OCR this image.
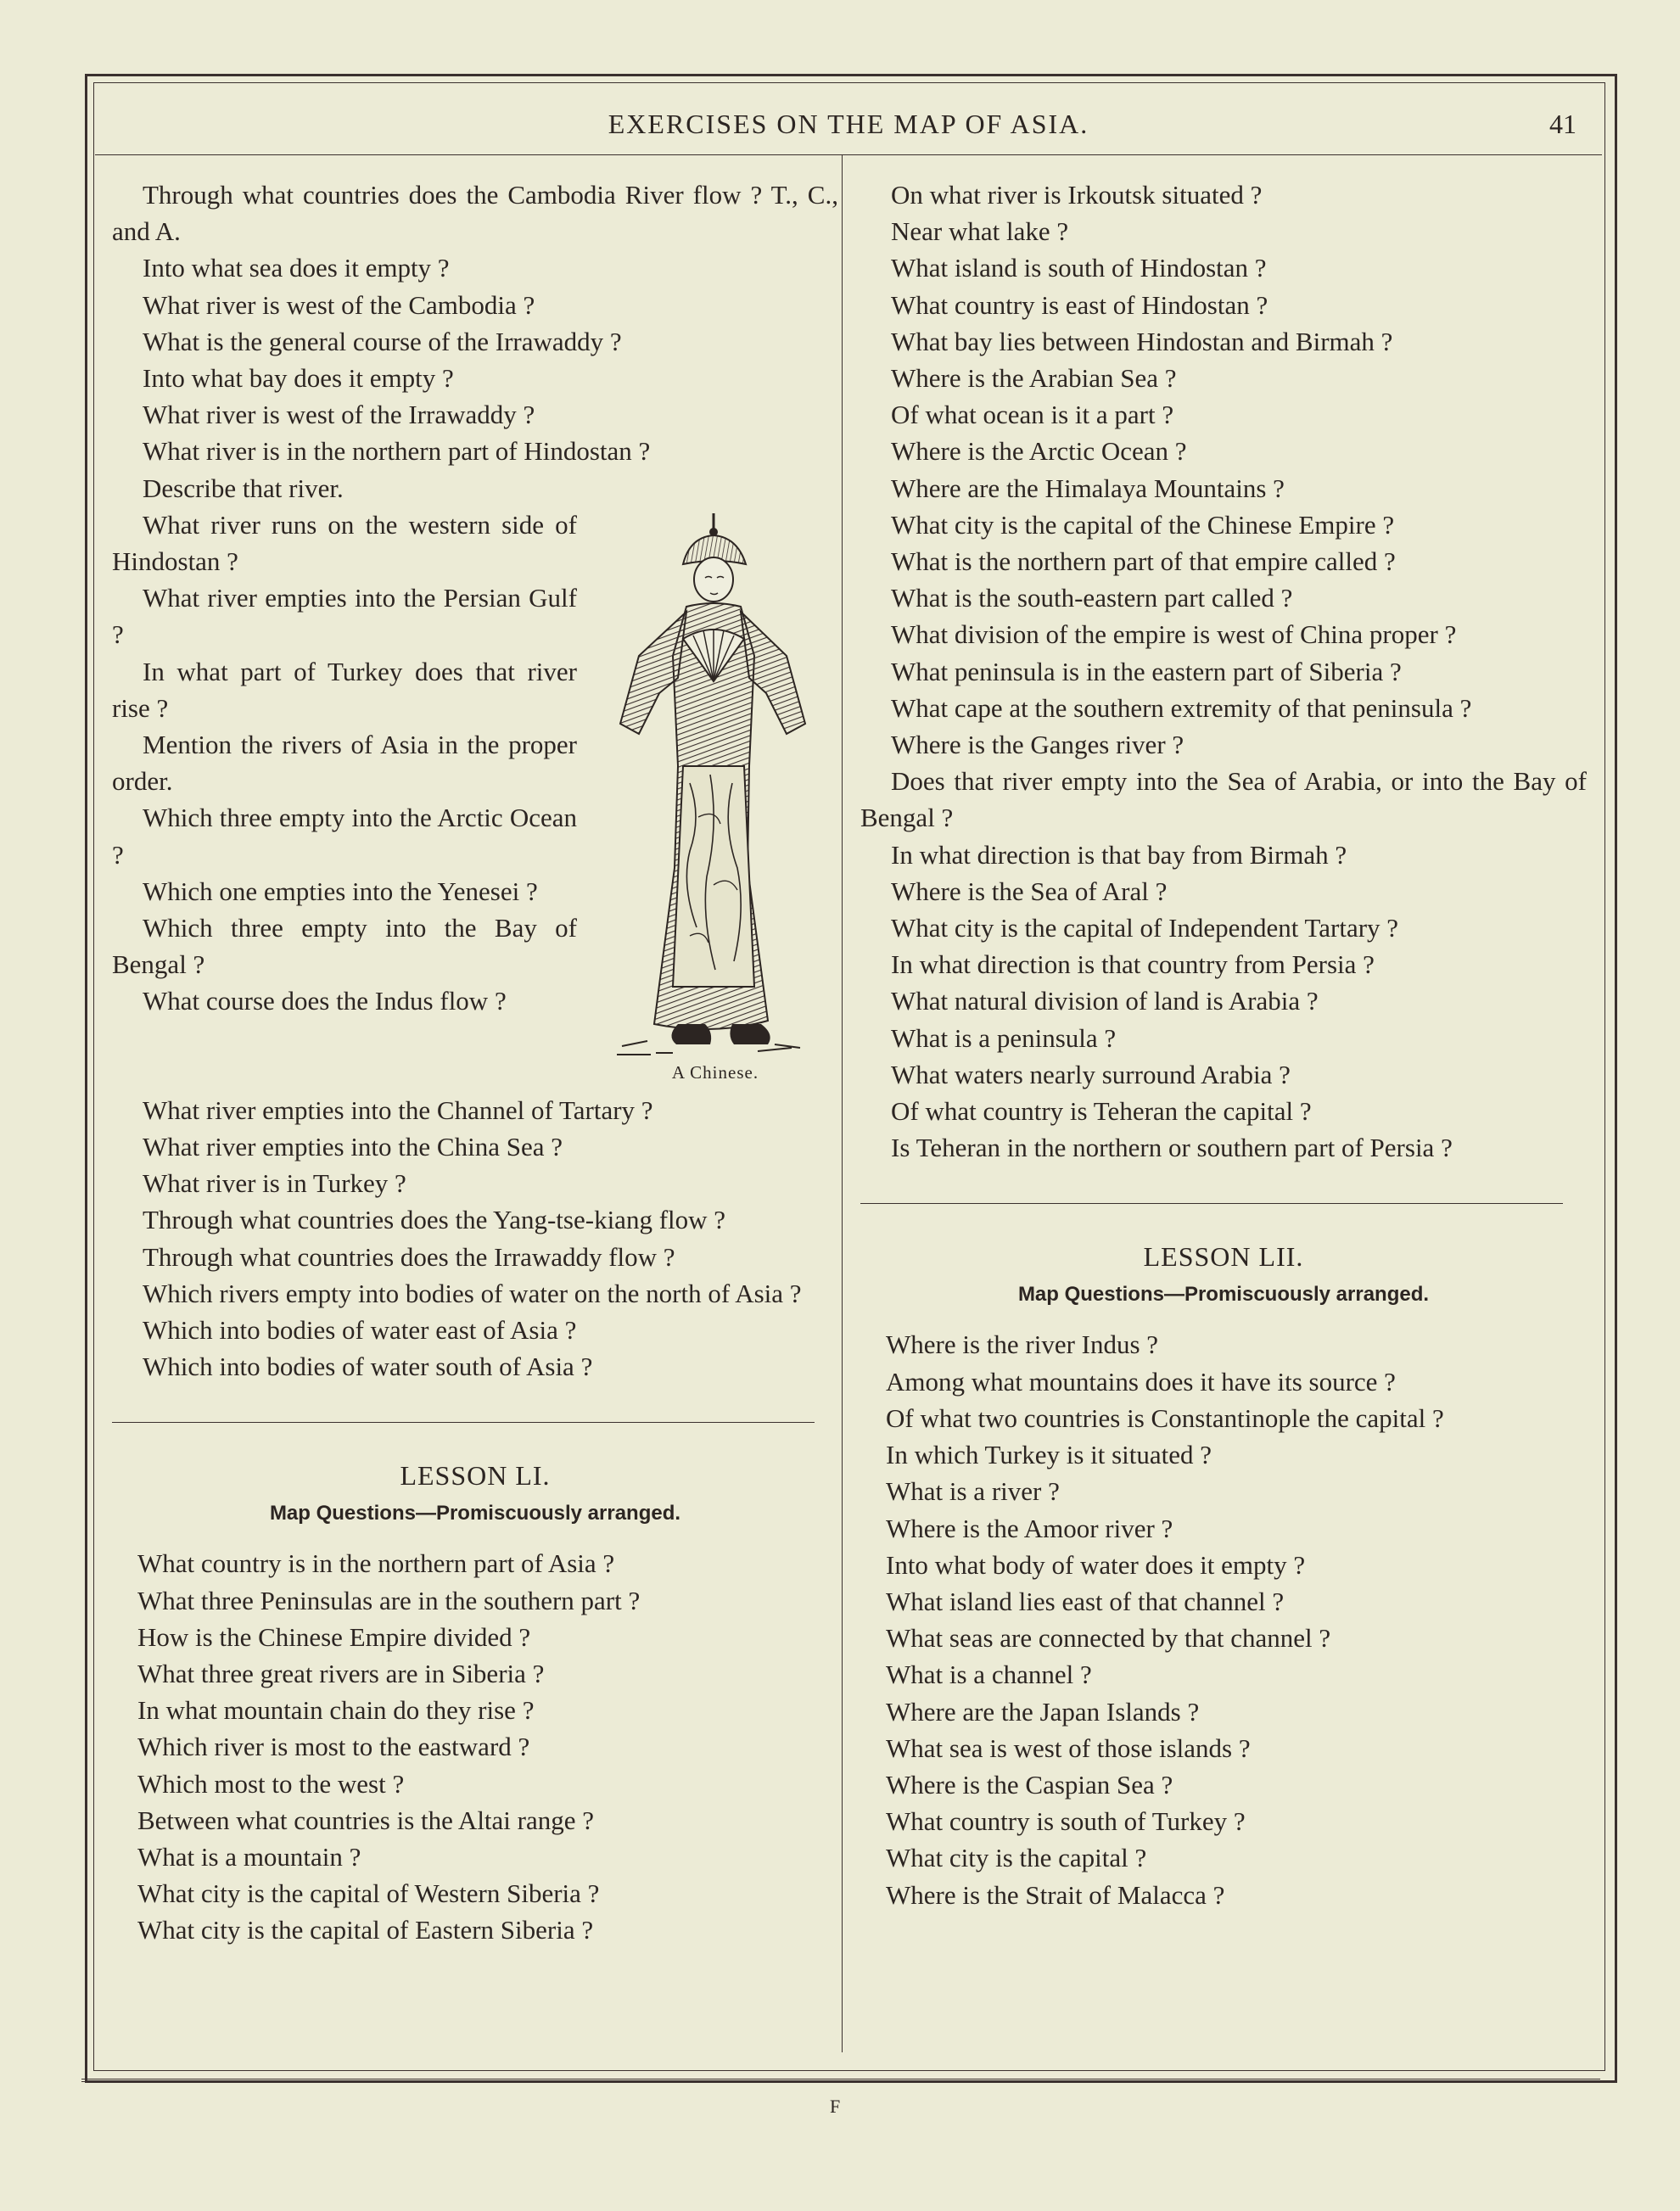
EXERCISES ON THE MAP OF ASIA.	41

Through what countries does the Cambodia River flow ? T., C., and A.

Into what sea does it empty ?

What river is west of the Cambodia ?

What is the general course of the Irrawaddy ?

Into what bay does it empty ?

What river is west of the Irrawaddy ?

What river is in the northern part of Hindostan ?

Describe that river.

A Chinese.

What river runs on the western side of Hindostan ?

What river empties into the Persian Gulf ?

In what part of Turkey does that river rise ?

Mention the rivers of Asia in the proper order.

Which three empty into the Arctic Ocean ?

Which one empties into the Yenesei ?

Which three empty into the Bay of Bengal ?

What course does the Indus flow ?

What river empties into the Channel of Tartary ?

What river empties into the China Sea ?

What river is in Turkey ?

Through what countries does the Yang-tse-kiang flow ?

Through what countries does the Irrawaddy flow ?

Which rivers empty into bodies of water on the north of Asia ?

Which into bodies of water east of Asia ?

Which into bodies of water south of Asia ?

LESSON LI.

Map Questions—Promiscuously arranged.

What country is in the northern part of Asia ?

What three Peninsulas are in the southern part ?

How is the Chinese Empire divided ?

What three great rivers are in Siberia ?

In what mountain chain do they rise ?

Which river is most to the eastward ?

Which most to the west ?

Between what countries is the Altai range ?

What is a mountain ?

What city is the capital of Western Siberia ?

What city is the capital of Eastern Siberia ?

On what river is Irkoutsk situated ?

Near what lake ?

What island is south of Hindostan ?

What country is east of Hindostan ?

What bay lies between Hindostan and Birmah ?

Where is the Arabian Sea ?

Of what ocean is it a part ?

Where is the Arctic Ocean ?

Where are the Himalaya Mountains ?

What city is the capital of the Chinese Empire ?

What is the northern part of that empire called ?

What is the south-eastern part called ?

What division of the empire is west of China proper ?

What peninsula is in the eastern part of Siberia ?

What cape at the southern extremity of that peninsula ?

Where is the Ganges river ?

Does that river empty into the Sea of Arabia, or into the Bay of Bengal ?

In what direction is that bay from Birmah ?

Where is the Sea of Aral ?

What city is the capital of Independent Tartary ?

In what direction is that country from Persia ?

What natural division of land is Arabia ?

What is a peninsula ?

What waters nearly surround Arabia ?

Of what country is Teheran the capital ?

Is Teheran in the northern or southern part of Persia ?

LESSON LII.

Map Questions—Promiscuously arranged.

Where is the river Indus ?

Among what mountains does it have its source ?

Of what two countries is Constantinople the capital ?

In which Turkey is it situated ?

What is a river ?

Where is the Amoor river ?

Into what body of water does it empty ?

What island lies east of that channel ?

What seas are connected by that channel ?

What is a channel ?

Where are the Japan Islands ?

What sea is west of those islands ?

Where is the Caspian Sea ?

What country is south of Turkey ?

What city is the capital ?

Where is the Strait of Malacca ?

F
